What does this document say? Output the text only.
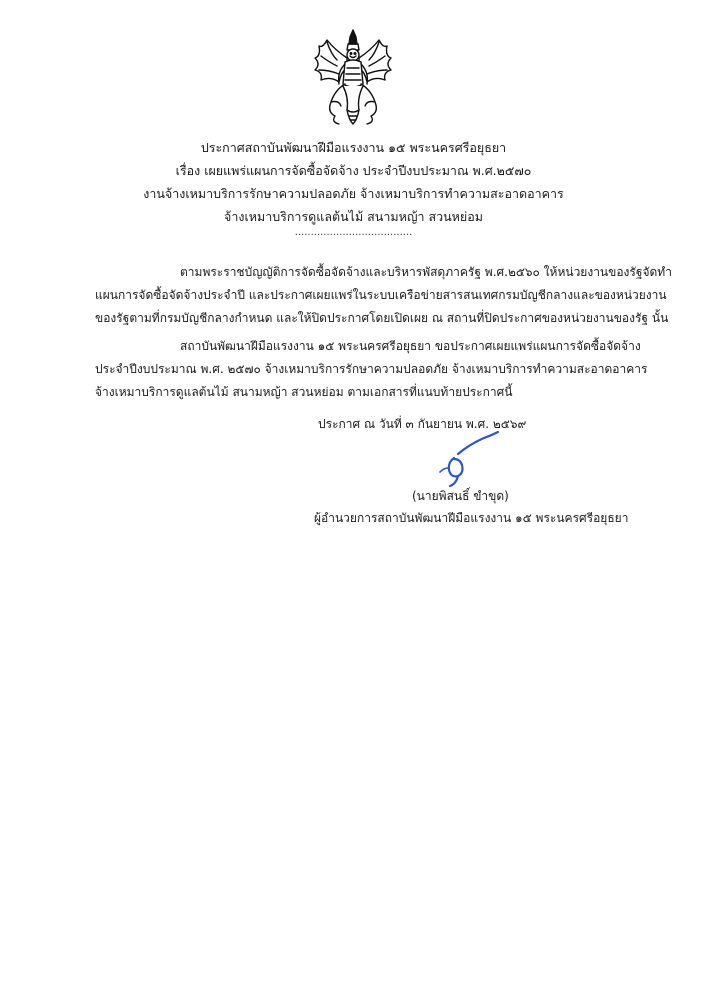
ประกาศสถาบันพัฒนาฝีมือแรงงาน ๑๕ พระนครศรีอยุธยา
เรื่อง เผยแพร่แผนการจัดซื้อจัดจ้าง ประจำปีงบประมาณ พ.ศ.๒๕๗๐
งานจ้างเหมาบริการรักษาความปลอดภัย จ้างเหมาบริการทำความสะอาดอาคาร
จ้างเหมาบริการดูแลต้นไม้ สนามหญ้า สวนหย่อม
.....................................
ตามพระราชบัญญัติการจัดซื้อจัดจ้างและบริหารพัสดุภาครัฐ พ.ศ.๒๕๖๐ ให้หน่วยงานของรัฐจัดทำ
แผนการจัดซื้อจัดจ้างประจำปี และประกาศเผยแพร่ในระบบเครือข่ายสารสนเทศกรมบัญชีกลางและของหน่วยงาน
ของรัฐตามที่กรมบัญชีกลางกำหนด และให้ปิดประกาศโดยเปิดเผย ณ สถานที่ปิดประกาศของหน่วยงานของรัฐ นั้น
สถาบันพัฒนาฝีมือแรงงาน ๑๕ พระนครศรีอยุธยา ขอประกาศเผยแพร่แผนการจัดซื้อจัดจ้าง
ประจำปีงบประมาณ พ.ศ. ๒๕๗๐ จ้างเหมาบริการรักษาความปลอดภัย จ้างเหมาบริการทำความสะอาดอาคาร
จ้างเหมาบริการดูแลต้นไม้ สนามหญ้า สวนหย่อม ตามเอกสารที่แนบท้ายประกาศนี้
ประกาศ ณ วันที่ ๓ กันยายน พ.ศ. ๒๕๖๙
(นายพิสนธิ์ ขำขุด)
ผู้อำนวยการสถาบันพัฒนาฝีมือแรงงาน ๑๕ พระนครศรีอยุธยา
